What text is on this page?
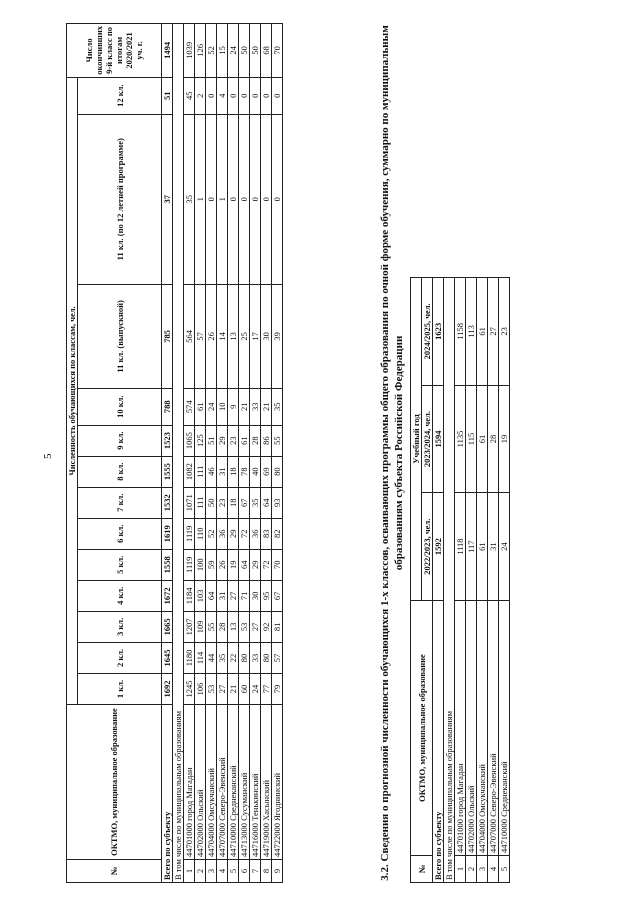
5
№	ОКТМО, муниципальное образование	Численность обучающихся по классам, чел.													Число окончивших 9-й класс по итогам 2020/2021 уч. г.
		1 кл.	2 кл.	3 кл.	4 кл.	5 кл.	6 кл.	7 кл.	8 кл.	9 кл.	10 кл.	11 кл. (выпускной)	11 кл. (по 12 летней программе)	12 кл.	
Всего по субъекту		1692	1645	1665	1672	1558	1619	1532	1555	1523	788	785	37	51	1494
В том числе по муниципальным образованиям															
1	44701000 город Магадан	1245	1180	1207	1184	1119	1119	1071	1082	1065	574	564	35	45	1039
2	44702000 Ольский	106	114	109	103	100	110	111	111	125	61	57	1	2	126
3	44704000 Омсукчанский	53	44	55	64	59	52	50	46	51	24	26	0	0	52
4	44707000 Северо-Эвенский	27	35	28	31	26	36	23	31	29	10	14	1	4	15
5	44710000 Среднеканский	21	22	13	27	19	29	18	18	23	9	13	0	0	24
6	44713000 Сусуманский	60	80	53	71	64	72	67	78	61	21	25	0	0	50
7	44716000 Тенькинский	24	33	27	30	29	36	35	40	28	33	17	0	0	50
8	44719000 Хасынский	77	80	92	95	72	83	64	69	86	21	30	0	0	68
9	44722000 Ягоднинский	79	57	81	67	70	82	93	80	55	35	39	0	0	70	3.2. Сведения о прогнозной численности обучающихся 1-х классов, осваивающих программы общего образования по очной форме обучения, суммарно по муниципальным образованиям субъекта Российской Федерации
№	ОКТМО, муниципальное образование	Учебный год		
		2022/2023, чел.	2023/2024, чел.	2024/2025, чел.
Всего по субъекту		1592	1594	1623
В том числе по муниципальным образованиям				
1	44701000 город Магадан	1118	1135	1158
2	44702000 Ольский	117	115	113
3	44704000 Омсукчанский	61	61	61
4	44707000 Северо-Эвенский	31	28	27
5	44710000 Среднеканский	24	19	23
